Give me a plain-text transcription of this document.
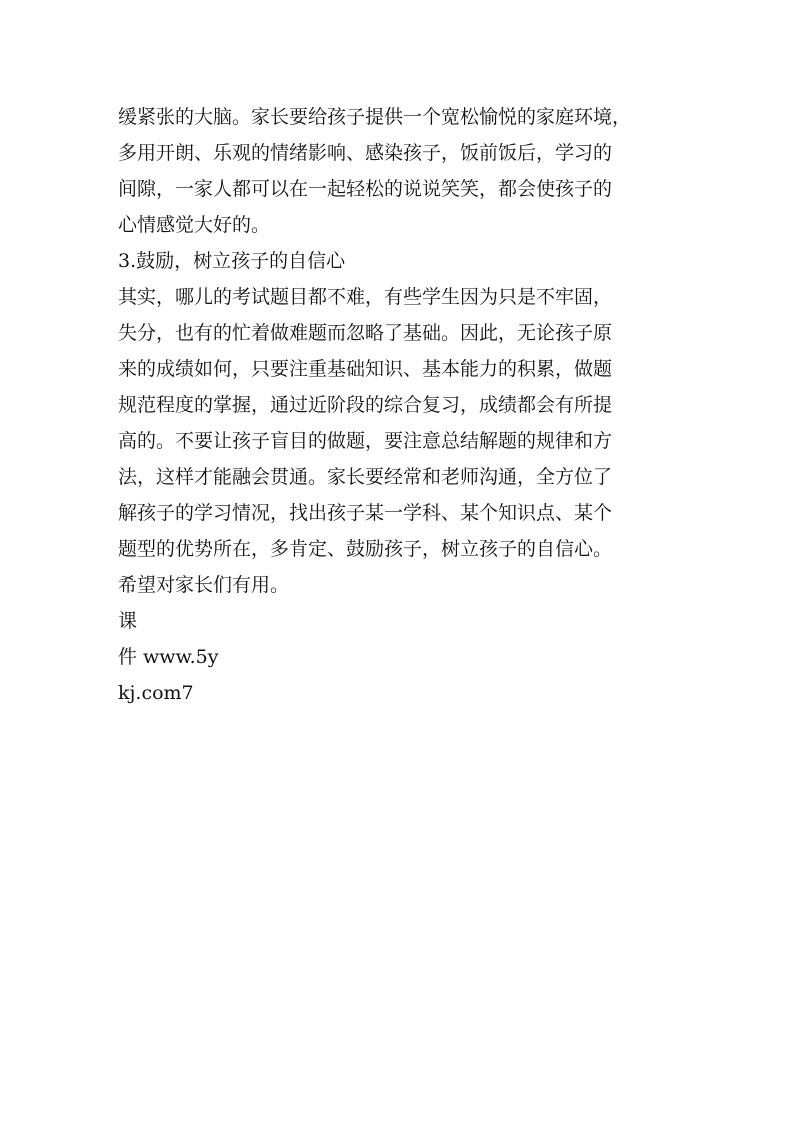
缓紧张的大脑。家长要给孩子提供一个宽松愉悦的家庭环境，
多用开朗、乐观的情绪影响、感染孩子，饭前饭后，学习的
间隙，一家人都可以在一起轻松的说说笑笑，都会使孩子的
心情感觉大好的。
3.鼓励，树立孩子的自信心
其实，哪儿的考试题目都不难，有些学生因为只是不牢固，
失分，也有的忙着做难题而忽略了基础。因此，无论孩子原
来的成绩如何，只要注重基础知识、基本能力的积累，做题
规范程度的掌握，通过近阶段的综合复习，成绩都会有所提
高的。不要让孩子盲目的做题，要注意总结解题的规律和方
法，这样才能融会贯通。家长要经常和老师沟通，全方位了
解孩子的学习情况，找出孩子某一学科、某个知识点、某个
题型的优势所在，多肯定、鼓励孩子，树立孩子的自信心。
希望对家长们有用。
课
件 www.5y
kj.com7
